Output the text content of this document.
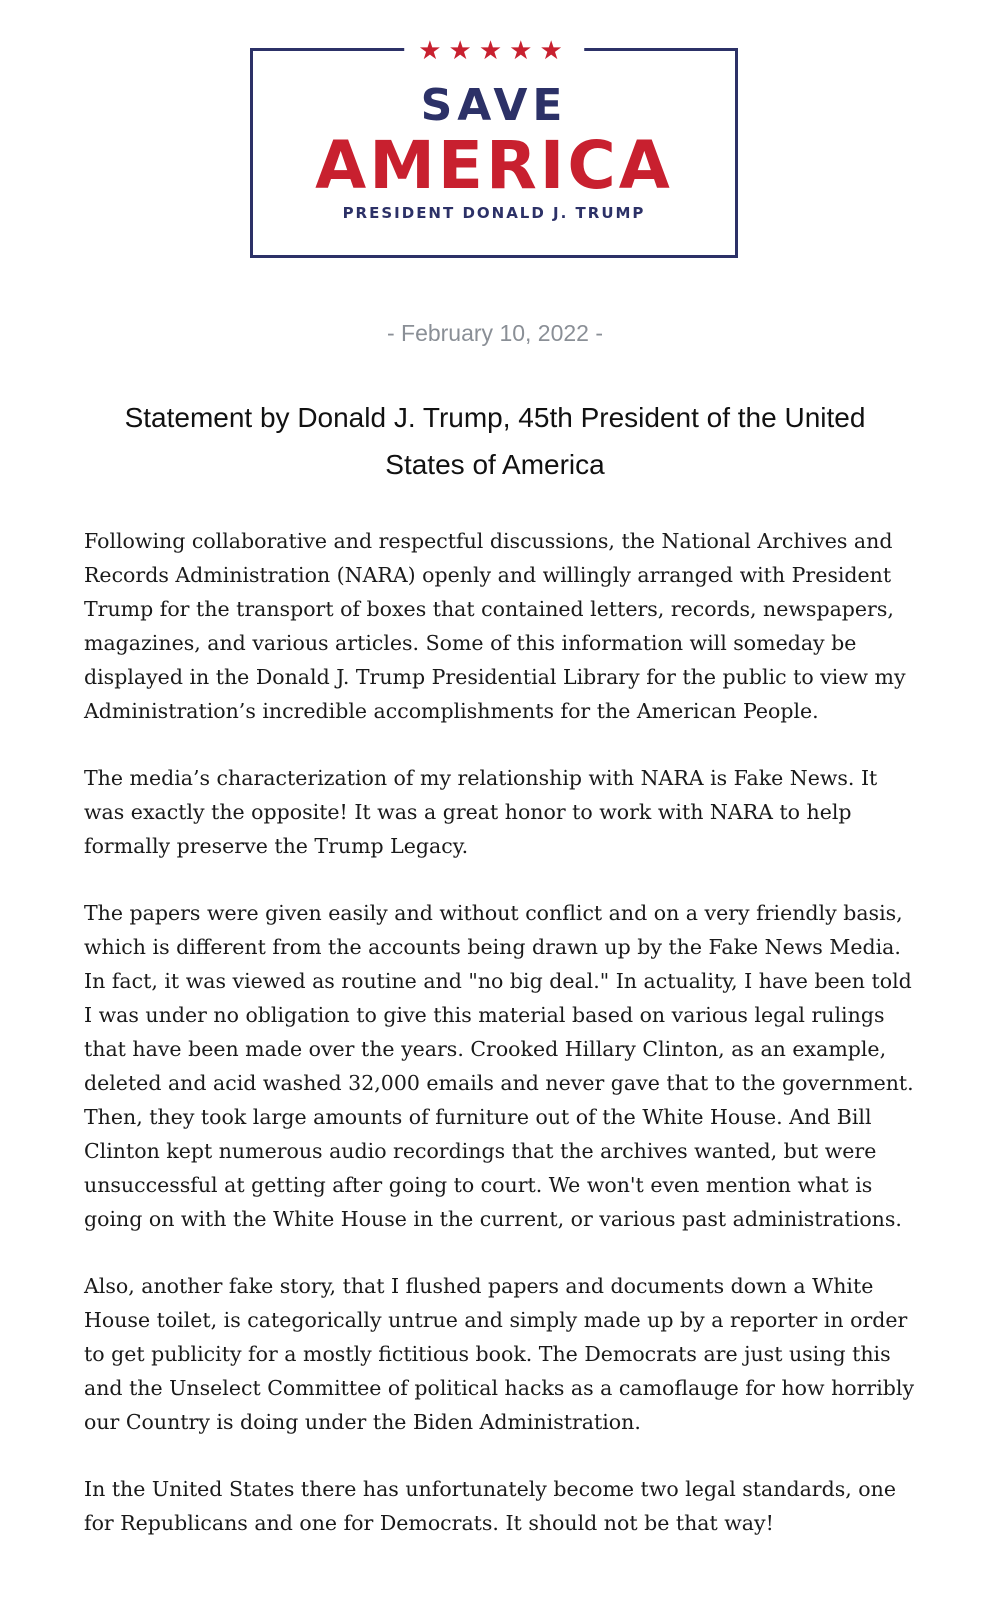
★★★★★
SAVE
AMERICA
PRESIDENT DONALD J. TRUMP
- February 10, 2022 -
Statement by Donald J. Trump, 45th President of the United States of America

Following collaborative and respectful discussions, the National Archives and Records Administration (NARA) openly and willingly arranged with President Trump for the transport of boxes that contained letters, records, newspapers, magazines, and various articles. Some of this information will someday be displayed in the Donald J. Trump Presidential Library for the public to view my Administration’s incredible accomplishments for the American People.

The media’s characterization of my relationship with NARA is Fake News. It was exactly the opposite! It was a great honor to work with NARA to help formally preserve the Trump Legacy.

The papers were given easily and without conflict and on a very friendly basis, which is different from the accounts being drawn up by the Fake News Media. In fact, it was viewed as routine and "no big deal." In actuality, I have been told I was under no obligation to give this material based on various legal rulings that have been made over the years. Crooked Hillary Clinton, as an example, deleted and acid washed 32,000 emails and never gave that to the government. Then, they took large amounts of furniture out of the White House. And Bill Clinton kept numerous audio recordings that the archives wanted, but were unsuccessful at getting after going to court. We won't even mention what is going on with the White House in the current, or various past administrations.

Also, another fake story, that I flushed papers and documents down a White House toilet, is categorically untrue and simply made up by a reporter in order to get publicity for a mostly fictitious book. The Democrats are just using this and the Unselect Committee of political hacks as a camoflauge for how horribly our Country is doing under the Biden Administration.

In the United States there has unfortunately become two legal standards, one for Republicans and one for Democrats. It should not be that way!
